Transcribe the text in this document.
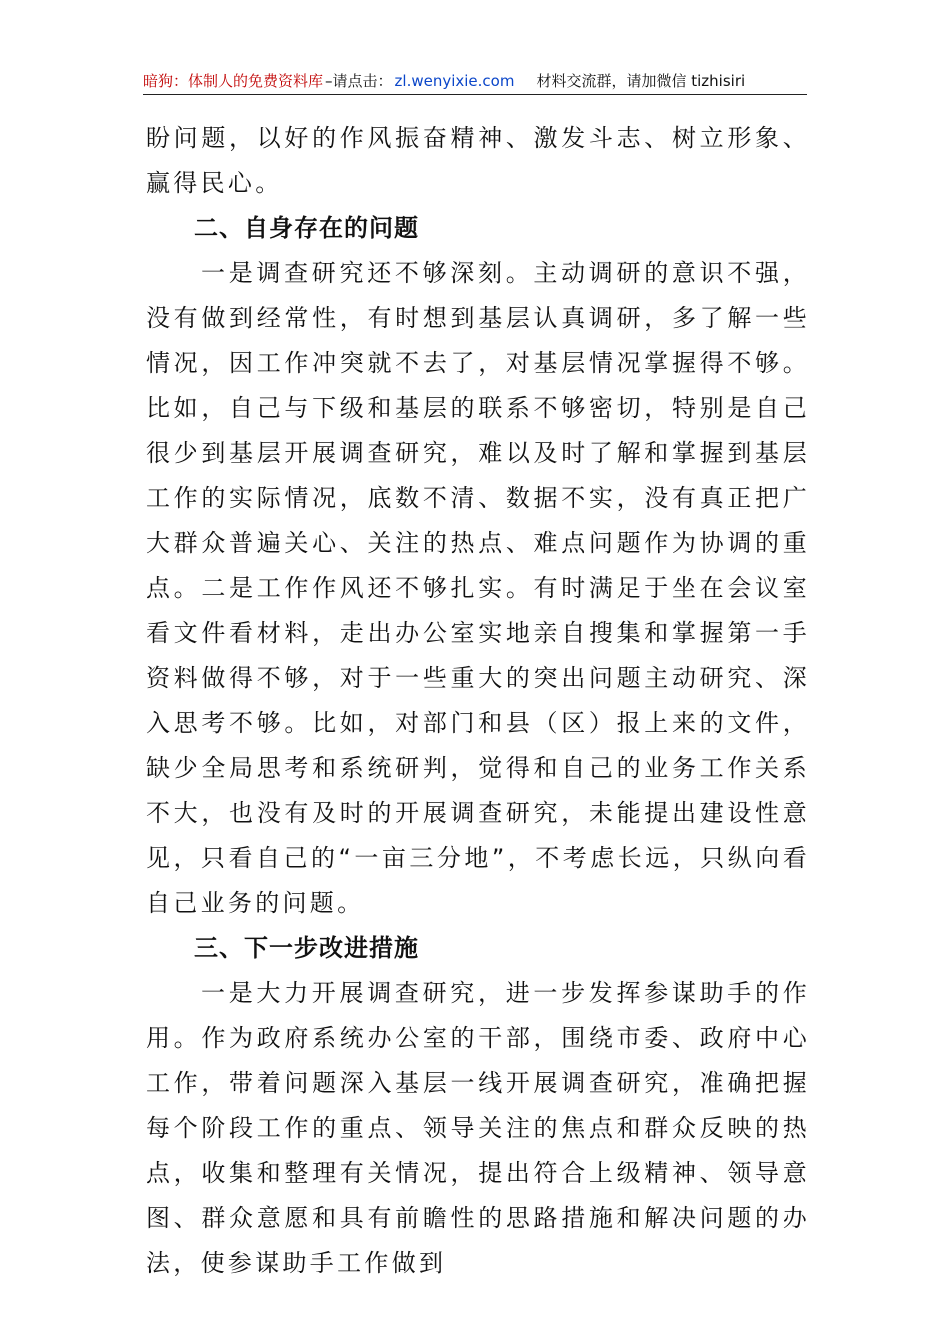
暗狗：体制人的免费资料库 –请点击： zl.wenyixie.com 材料交流群，请加微信 tizhisiri

盼问题，以好的作风振奋精神、激发斗志、树立形象、赢得民心。

二、自身存在的问题

一是调查研究还不够深刻。主动调研的意识不强，没有做到经常性，有时想到基层认真调研，多了解一些情况，因工作冲突就不去了，对基层情况掌握得不够。比如，自己与下级和基层的联系不够密切，特别是自己很少到基层开展调查研究，难以及时了解和掌握到基层工作的实际情况，底数不清、数据不实，没有真正把广大群众普遍关心、关注的热点、难点问题作为协调的重点。二是工作作风还不够扎实。有时满足于坐在会议室看文件看材料，走出办公室实地亲自搜集和掌握第一手资料做得不够，对于一些重大的突出问题主动研究、深入思考不够。比如，对部门和县（区）报上来的文件，缺少全局思考和系统研判，觉得和自己的业务工作关系不大，也没有及时的开展调查研究，未能提出建设性意见，只看自己的“一亩三分地”，不考虑长远，只纵向看自己业务的问题。

三、下一步改进措施

一是大力开展调查研究，进一步发挥参谋助手的作用。作为政府系统办公室的干部，围绕市委、政府中心工作，带着问题深入基层一线开展调查研究，准确把握每个阶段工作的重点、领导关注的焦点和群众反映的热点，收集和整理有关情况，提出符合上级精神、领导意图、群众意愿和具有前瞻性的思路措施和解决问题的办法，使参谋助手工作做到
